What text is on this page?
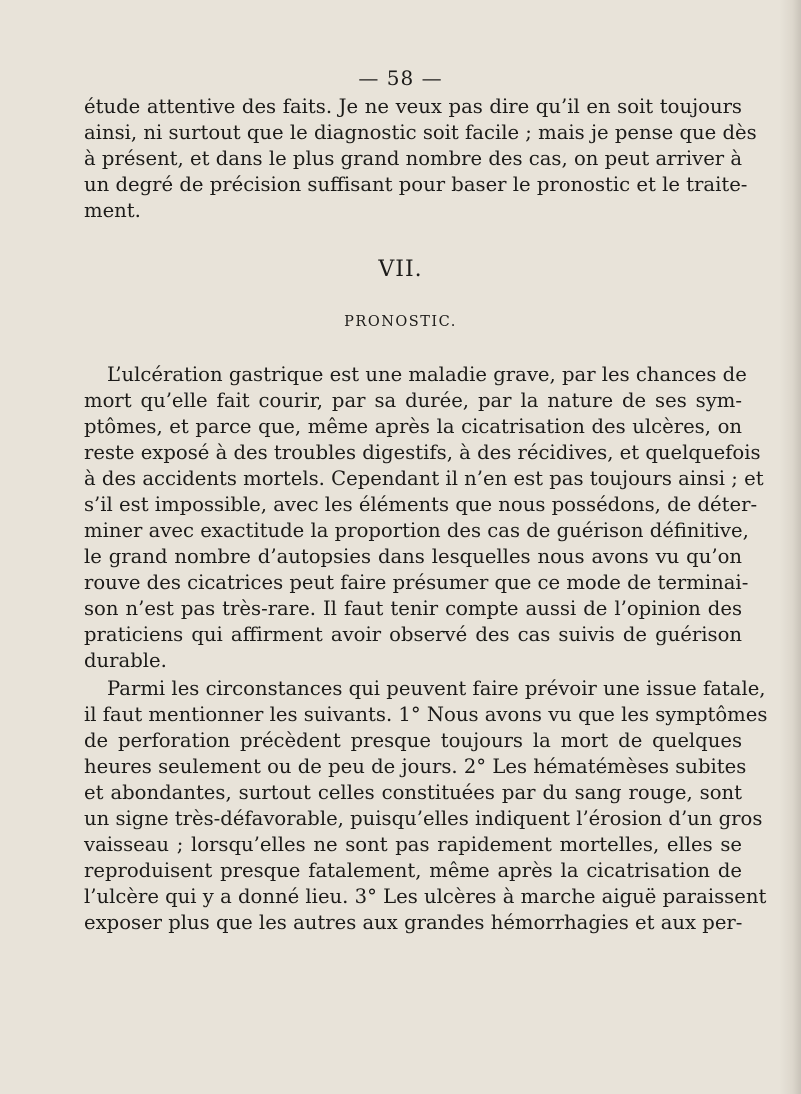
— 58 —
étude attentive des faits. Je ne veux pas dire qu’il en soit toujours
ainsi, ni surtout que le diagnostic soit facile ; mais je pense que dès
à présent, et dans le plus grand nombre des cas, on peut arriver à
un degré de précision suffisant pour baser le pronostic et le traite-
ment.
VII.
PRONOSTIC.
L’ulcération gastrique est une maladie grave, par les chances de
mort qu’elle fait courir, par sa durée, par la nature de ses sym-
ptômes, et parce que, même après la cicatrisation des ulcères, on
reste exposé à des troubles digestifs, à des récidives, et quelquefois
à des accidents mortels. Cependant il n’en est pas toujours ainsi ; et
s’il est impossible, avec les éléments que nous possédons, de déter-
miner avec exactitude la proportion des cas de guérison définitive,
le grand nombre d’autopsies dans lesquelles nous avons vu qu’on
rouve des cicatrices peut faire présumer que ce mode de terminai-
son n’est pas très-rare. Il faut tenir compte aussi de l’opinion des
praticiens qui affirment avoir observé des cas suivis de guérison
durable.
Parmi les circonstances qui peuvent faire prévoir une issue fatale,
il faut mentionner les suivants. 1° Nous avons vu que les symptômes
de perforation précèdent presque toujours la mort de quelques
heures seulement ou de peu de jours. 2° Les hématémèses subites
et abondantes, surtout celles constituées par du sang rouge, sont
un signe très-défavorable, puisqu’elles indiquent l’érosion d’un gros
vaisseau ; lorsqu’elles ne sont pas rapidement mortelles, elles se
reproduisent presque fatalement, même après la cicatrisation de
l’ulcère qui y a donné lieu. 3° Les ulcères à marche aiguë paraissent
exposer plus que les autres aux grandes hémorrhagies et aux per-
